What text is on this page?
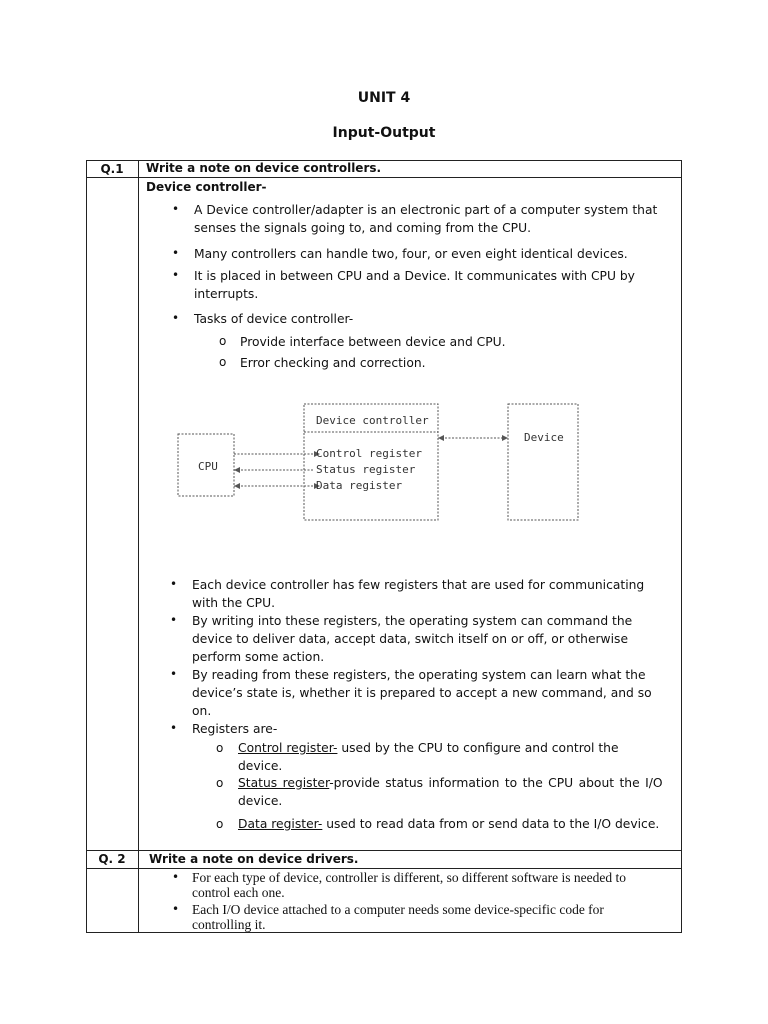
UNIT 4
Input-Output
Q.1	Write a note on device controllers.
Device controller-
• A Device controller/adapter is an electronic part of a computer system that
senses the signals going to, and coming from the CPU.
• Many controllers can handle two, four, or even eight identical devices.
• It is placed in between CPU and a Device. It communicates with CPU by
interrupts.
• Tasks of device controller-
o Provide interface between device and CPU.
o Error checking and correction.
CPU
Device controller
Device
Control register
Status register
Data register
• Each device controller has few registers that are used for communicating
with the CPU.
• By writing into these registers, the operating system can command the
device to deliver data, accept data, switch itself on or off, or otherwise
perform some action.
• By reading from these registers, the operating system can learn what the
device’s state is, whether it is prepared to accept a new command, and so
on.
• Registers are-
o Control register- used by the CPU to configure and control the
device.
o Status register-provide status information to the CPU about the I/O
device.
o Data register- used to read data from or send data to the I/O device.
Q. 2	Write a note on device drivers.
• For each type of device, controller is different, so different software is needed to
control each one.
• Each I/O device attached to a computer needs some device-specific code for
controlling it.
